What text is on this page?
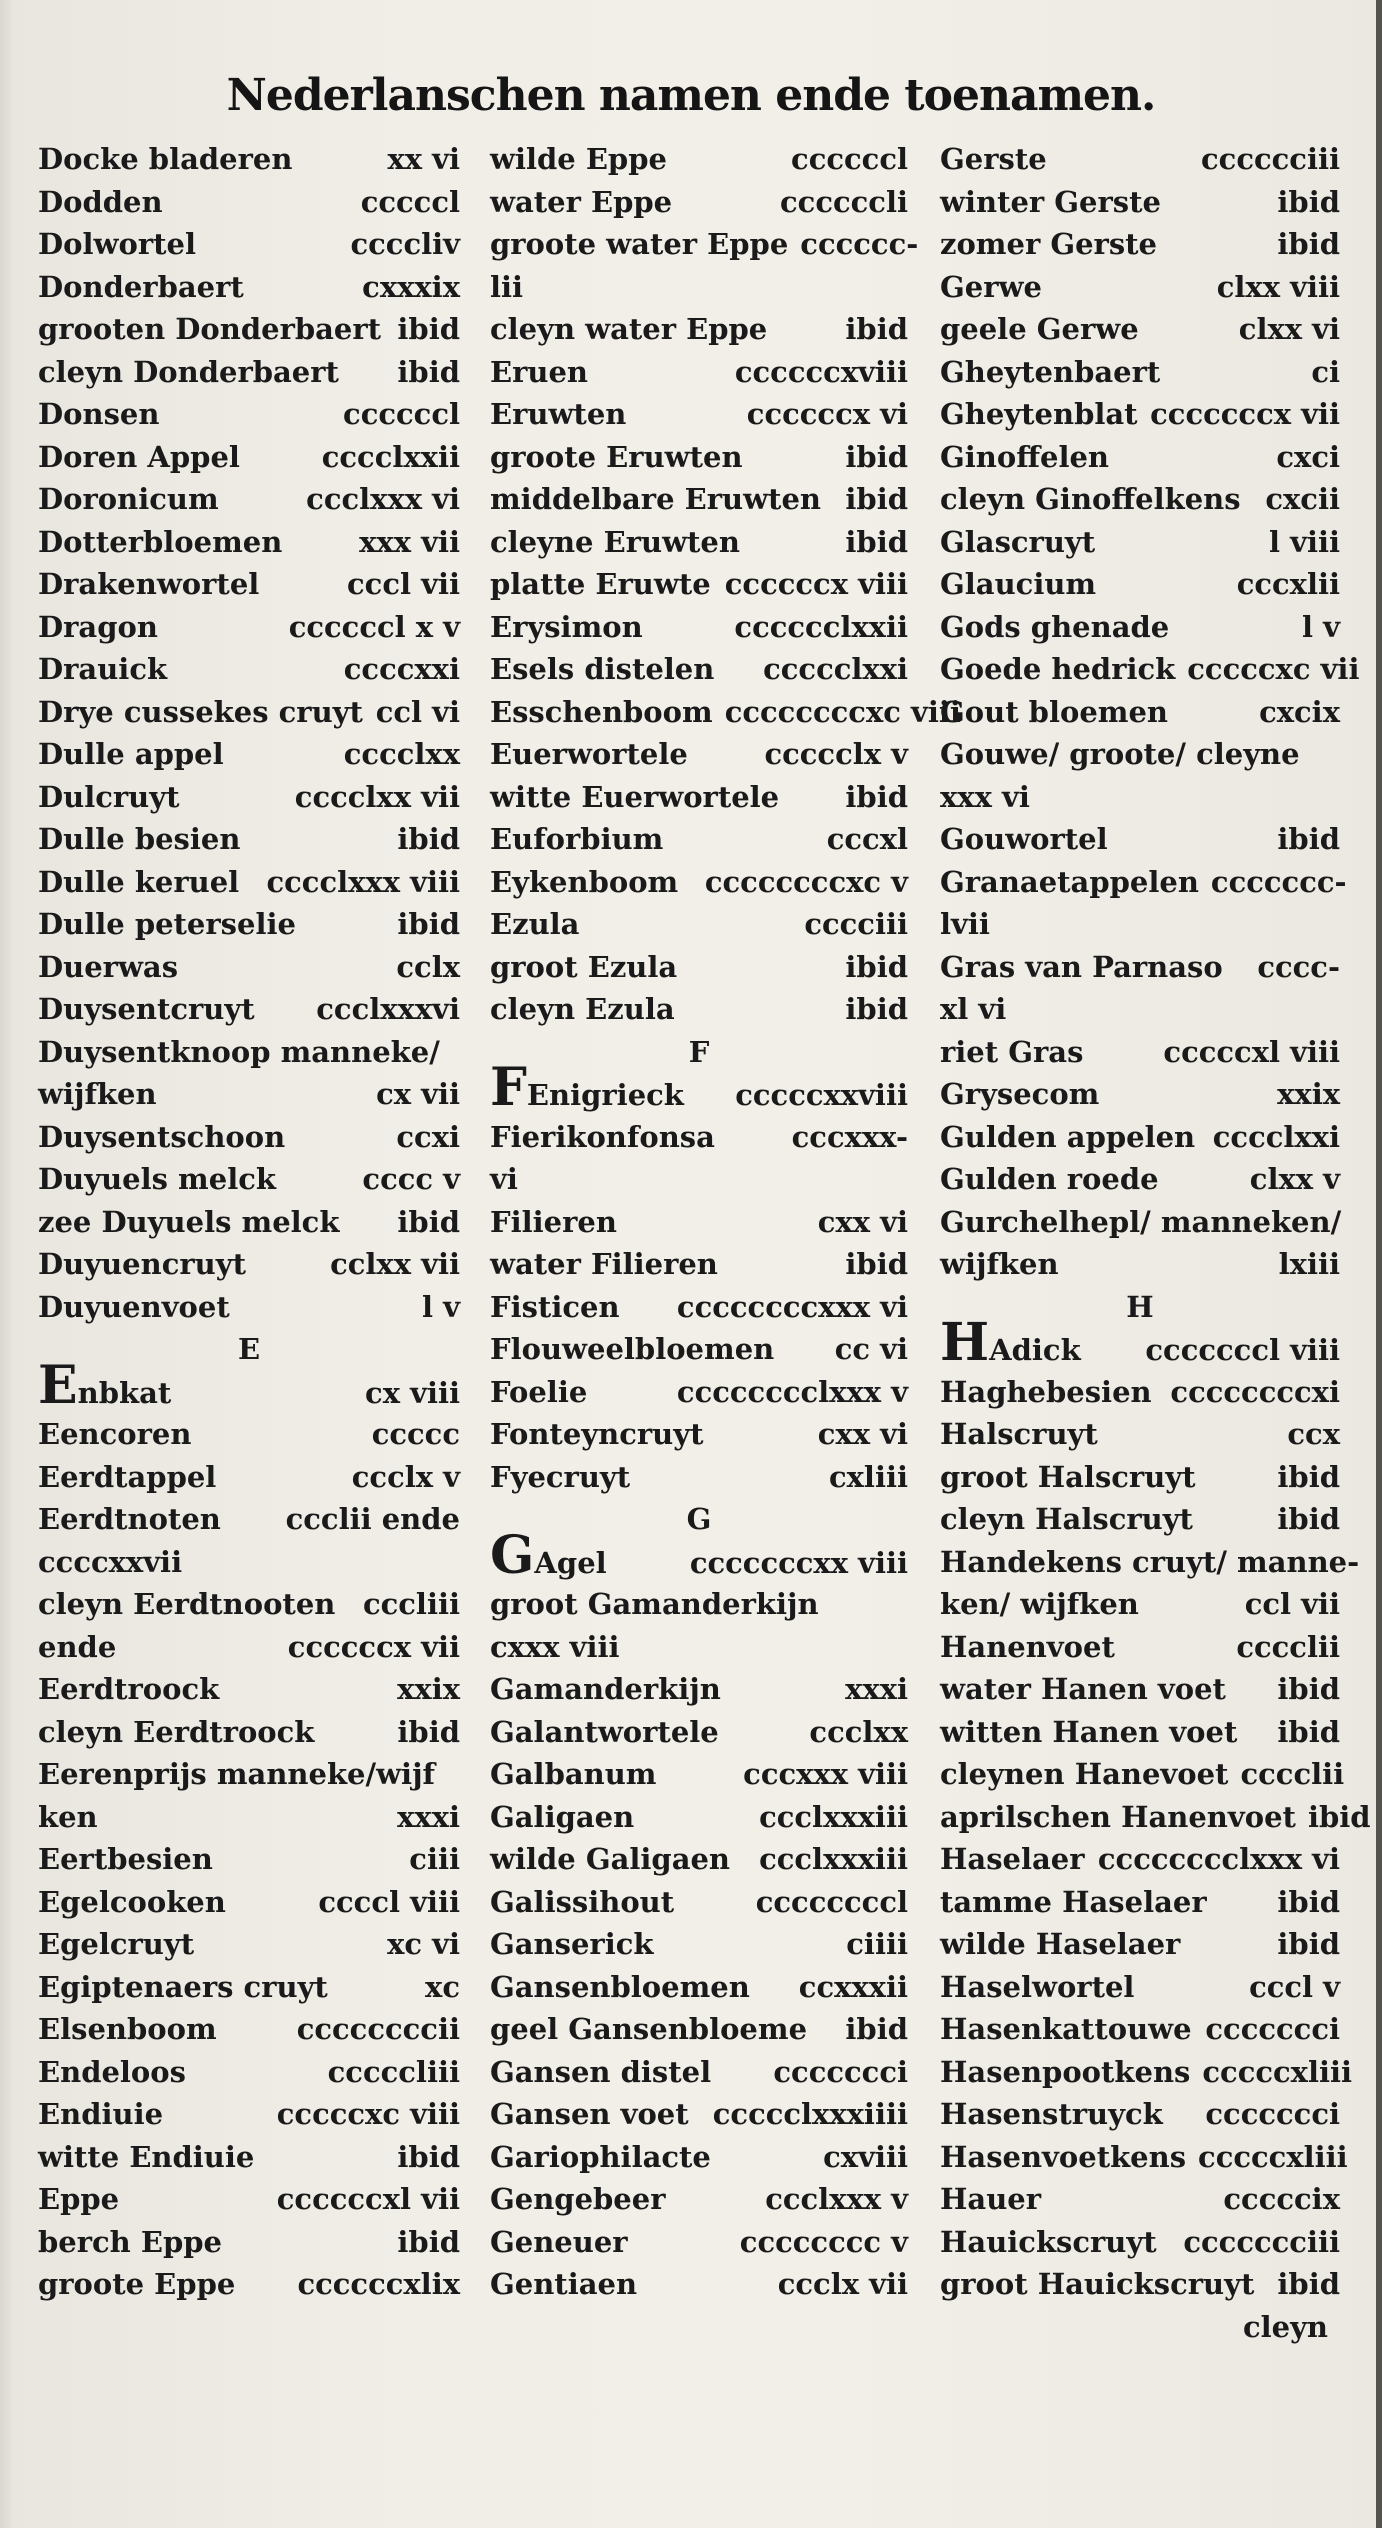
Nederlanschen namen ende toenamen.
Docke bladeren	xx vi
Dodden	cccccl
Dolwortel	ccccliv
Donderbaert	cxxxix
grooten Donderbaert ibid
cleyn Donderbaert ibid
Donsen	ccccccl
Doren Appel	cccclxxii
Doronicum	ccclxxx vi
Dotterbloemen	xxx vii
Drakenwortel	cccl vii
Dragon	ccccccl x v
Drauick	ccccxxi
Drye cussekes cruyt ccl vi
Dulle appel	cccclxx
Dulcruyt	cccclxx vii
Dulle besien	ibid
Dulle keruel cccclxxx viii
Dulle peterselie	ibid
Duerwas	cclx
Duysentcruyt ccclxxxvi
Duysentknoop manneke/
wijfken	cx vii
Duysentschoon	ccxi
Duyuels melck	cccc v
zee Duyuels melck ibid
Duyuencruyt	cclxx vii
Duyuenvoet	l v
E
Enbkat	cx viii
Eencoren	ccccc
Eerdtappel	ccclx v
Eerdtnoten ccclii ende
ccccxxvii
cleyn Eerdtnooten cccliii
ende	ccccccx vii
Eerdtroock	xxix
cleyn Eerdtroock	ibid
Eerenprijs manneke/wijf
ken	xxxi
Eertbesien	ciii
Egelcooken	ccccl viii
Egelcruyt	xc vi
Egiptenaers cruyt	xc
Elsenboom	ccccccccii
Endeloos	cccccliii
Endiuie	cccccxc viii
witte Endiuie	ibid
Eppe	ccccccxl vii
berch Eppe	ibid
groote Eppe ccccccxlix
wilde Eppe	ccccccl
water Eppe	ccccccli
groote water Eppe cccccc-
lii
cleyn water Eppe	ibid
Eruen	ccccccxviii
Eruwten	ccccccx vi
groote Eruwten	ibid
middelbare Eruwten ibid
cleyne Eruwten	ibid
platte Eruwte ccccccx viii
Erysimon	cccccclxxii
Esels distelen ccccclxxi
Esschenboom ccccccccxc viii
Euerwortele	ccccclx v
witte Euerwortele ibid
Euforbium	cccxl
Eykenboom ccccccccxc v
Ezula	cccciii
groot Ezula	ibid
cleyn Ezula	ibid
F
FEnigrieck cccccxxviii
Fierikonfonsa	cccxxx-
vi
Filieren	cxx vi
water Filieren	ibid
Fisticen ccccccccxxx vi
Flouweelbloemen cc vi
Foelie	cccccccclxxx v
Fonteyncruyt	cxx vi
Fyecruyt	cxliii
G
GAgel	cccccccxx viii
groot Gamanderkijn
cxxx viii
Gamanderkijn	xxxi
Galantwortele	ccclxx
Galbanum	cccxxx viii
Galigaen	ccclxxxiii
wilde Galigaen ccclxxxiii
Galissihout	ccccccccl
Ganserick	ciiii
Gansenbloemen ccxxxii
geel Gansenbloeme ibid
Gansen distel ccccccci
Gansen voet ccccclxxxiiii
Gariophilacte	cxviii
Gengebeer	ccclxxx v
Geneuer	cccccccc v
Gentiaen	ccclx vii
Gerste	cccccciii
winter Gerste	ibid
zomer Gerste	ibid
Gerwe	clxx viii
geele Gerwe	clxx vi
Gheytenbaert	ci
Gheytenblat cccccccx vii
Ginoffelen	cxci
cleyn Ginoffelkens cxcii
Glascruyt	l viii
Glaucium	cccxlii
Gods ghenade	l v
Goede hedrick cccccxc vii
Gout bloemen	cxcix
Gouwe/ groote/ cleyne
xxx vi
Gouwortel	ibid
Granaetappelen ccccccc-
lvii
Gras van Parnaso cccc-
xl vi
riet Gras	cccccxl viii
Grysecom	xxix
Gulden appelen cccclxxi
Gulden roede	clxx v
Gurchelhepl/ manneken/
wijfken	lxiii
H
HAdick cccccccl viii
Haghebesien ccccccccxi
Halscruyt	ccx
groot Halscruyt	ibid
cleyn Halscruyt	ibid
Handekens cruyt/ manne-
ken/ wijfken	ccl vii
Hanenvoet	cccclii
water Hanen voet ibid
witten Hanen voet ibid
cleynen Hanevoet cccclii
aprilschen Hanenvoet ibid
Haselaer cccccccclxxx vi
tamme Haselaer ibid
wilde Haselaer	ibid
Haselwortel	cccl v
Hasenkattouwe ccccccci
Hasenpootkens cccccxliii
Hasenstruyck ccccccci
Hasenvoetkens cccccxliii
Hauer	cccccix
Hauickscruyt ccccccciii
groot Hauickscruyt ibid
cleyn
